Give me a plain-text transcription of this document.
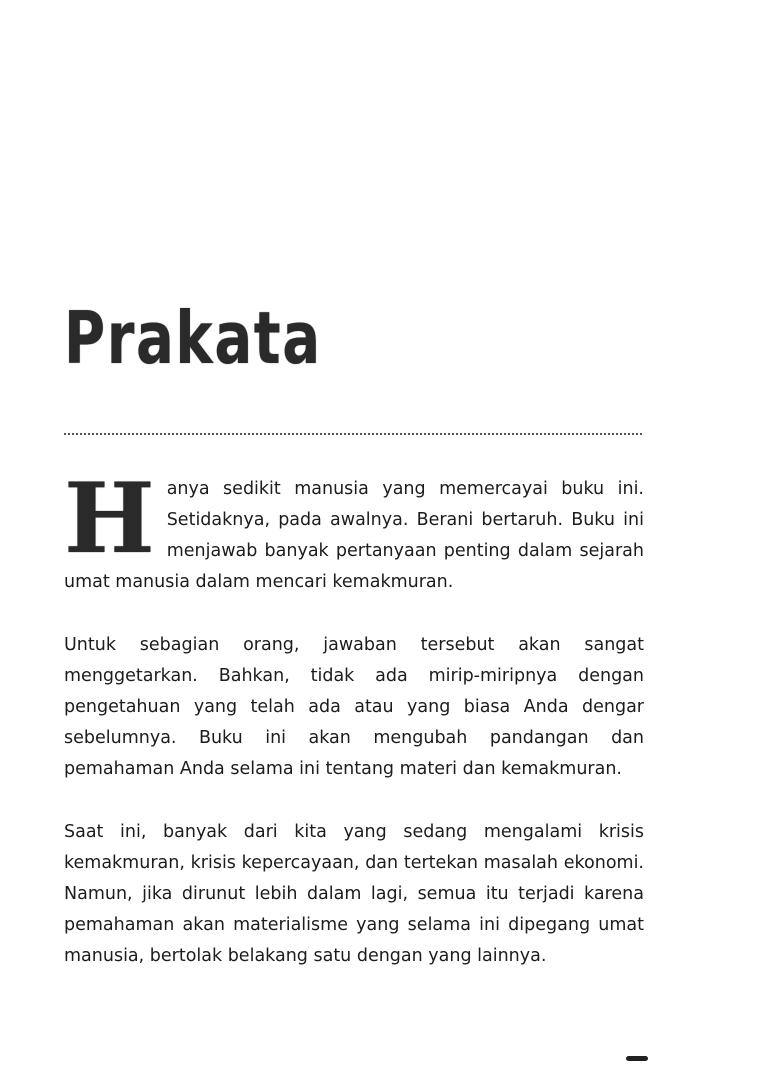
Prakata

H anya sedikit manusia yang memercayai buku ini. Setidaknya, pada awalnya. Berani bertaruh. Buku ini menjawab banyak pertanyaan penting dalam sejarah umat manusia dalam mencari kemakmuran.

Untuk sebagian orang, jawaban tersebut akan sangat menggetarkan. Bahkan, tidak ada mirip-miripnya dengan pengetahuan yang telah ada atau yang biasa Anda dengar sebelumnya. Buku ini akan mengubah pandangan dan pemahaman Anda selama ini tentang materi dan kemakmuran.

Saat ini, banyak dari kita yang sedang mengalami krisis kemakmuran, krisis kepercayaan, dan tertekan masalah ekonomi. Namun, jika dirunut lebih dalam lagi, semua itu terjadi karena pemahaman akan materialisme yang selama ini dipegang umat manusia, bertolak belakang satu dengan yang lainnya.
